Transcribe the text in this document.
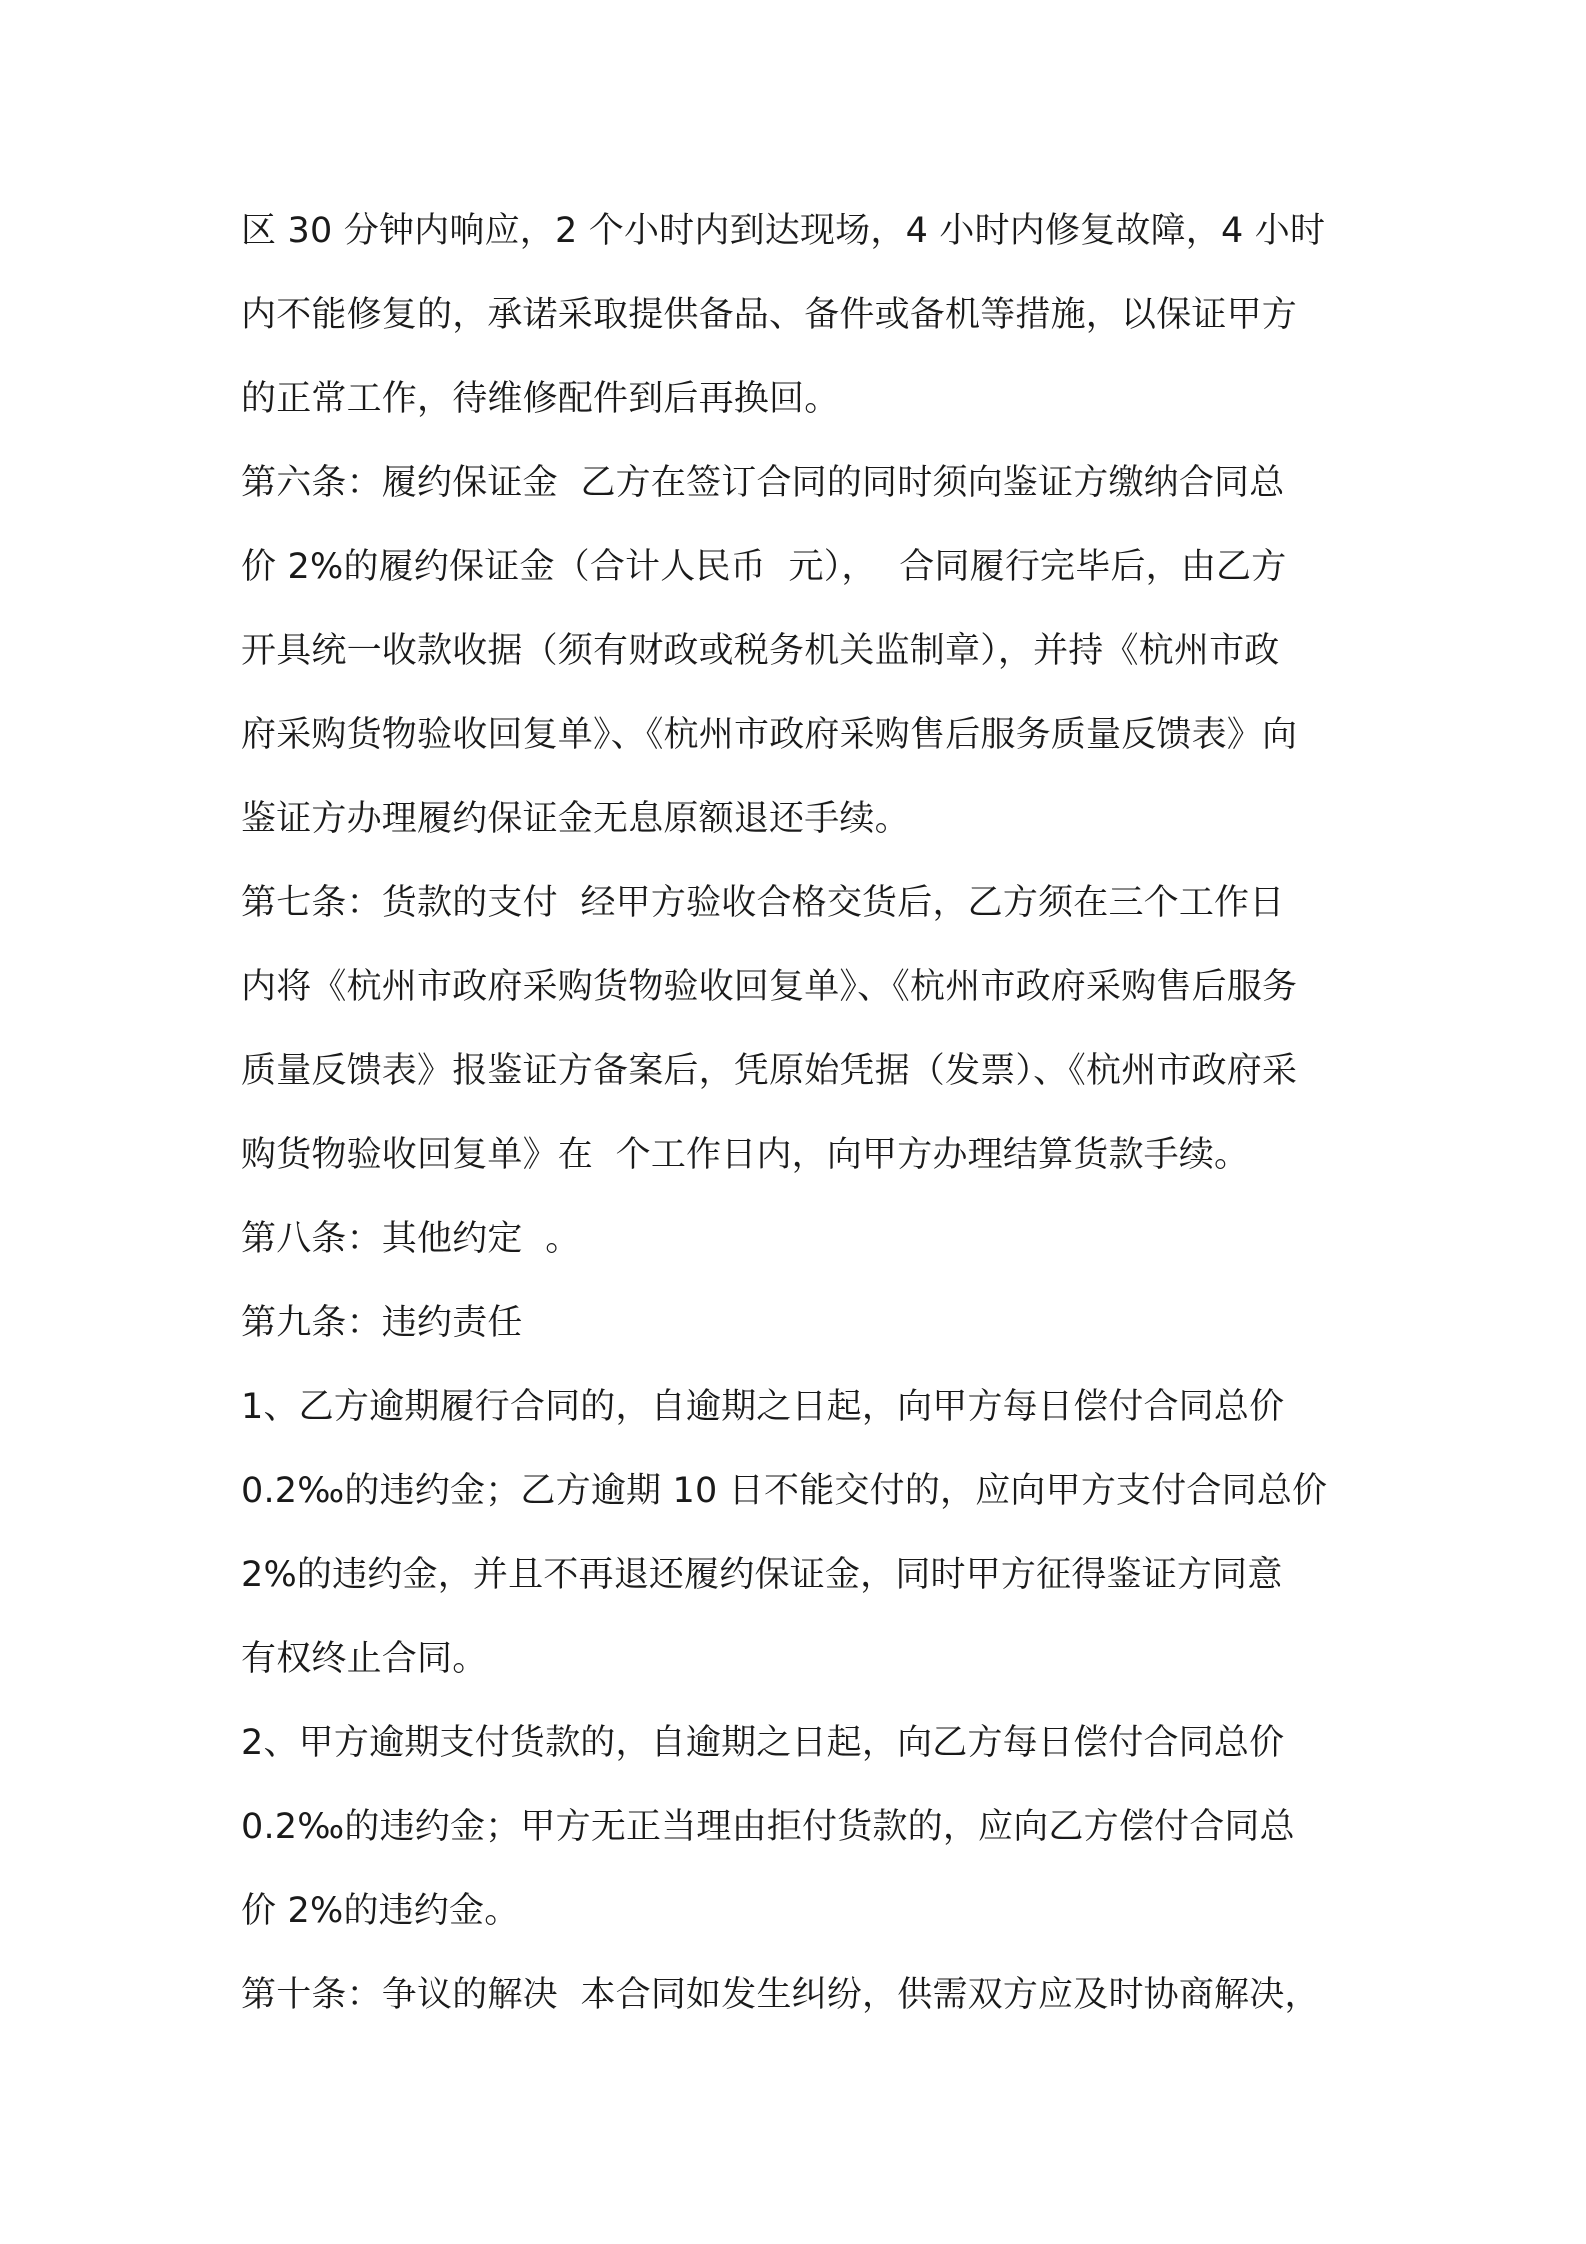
区 30 分钟内响应，2 个小时内到达现场，4 小时内修复故障，4 小时
内不能修复的，承诺采取提供备品、备件或备机等措施，以保证甲方
的正常工作，待维修配件到后再换回。
第六条：履约保证金  乙方在签订合同的同时须向鉴证方缴纳合同总
价 2%的履约保证金（合计人民币  元），  合同履行完毕后，由乙方
开具统一收款收据（须有财政或税务机关监制章），并持《杭州市政
府采购货物验收回复单》、《杭州市政府采购售后服务质量反馈表》向
鉴证方办理履约保证金无息原额退还手续。
第七条：货款的支付  经甲方验收合格交货后，乙方须在三个工作日
内将《杭州市政府采购货物验收回复单》、《杭州市政府采购售后服务
质量反馈表》报鉴证方备案后，凭原始凭据（发票）、《杭州市政府采
购货物验收回复单》在  个工作日内，向甲方办理结算货款手续。
第八条：其他约定  。
第九条：违约责任
1、乙方逾期履行合同的，自逾期之日起，向甲方每日偿付合同总价
0.2‰的违约金；乙方逾期 10 日不能交付的，应向甲方支付合同总价
2%的违约金，并且不再退还履约保证金，同时甲方征得鉴证方同意
有权终止合同。
2、甲方逾期支付货款的，自逾期之日起，向乙方每日偿付合同总价
0.2‰的违约金；甲方无正当理由拒付货款的，应向乙方偿付合同总
价 2%的违约金。
第十条：争议的解决  本合同如发生纠纷，供需双方应及时协商解决，
